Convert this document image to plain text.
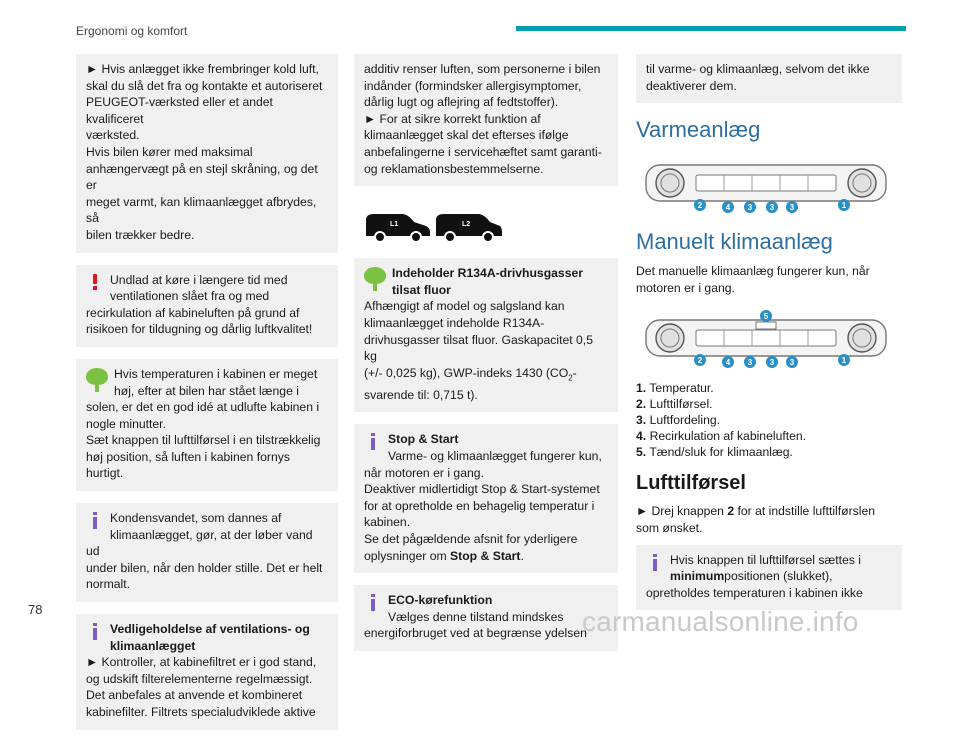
Ergonomi og komfort

► Hvis anlægget ikke frembringer kold luft,

skal du slå det fra og kontakte et autoriseret

PEUGEOT-værksted eller et andet kvalificeret

værksted.

Hvis bilen kører med maksimal

anhængervægt på en stejl skråning, og det er

meget varmt, kan klimaanlægget afbrydes, så

bilen trækker bedre.

Undlad at køre i længere tid med

ventilationen slået fra og med

recirkulation af kabineluften på grund af

risikoen for tildugning og dårlig luftkvalitet!

Hvis temperaturen i kabinen er meget

høj, efter at bilen har stået længe i

solen, er det en god idé at udlufte kabinen i

nogle minutter.

Sæt knappen til lufttilførsel i en tilstrækkelig

høj position, så luften i kabinen fornys hurtigt.

Kondensvandet, som dannes af

klimaanlægget, gør, at der løber vand ud

under bilen, når den holder stille. Det er helt

normalt.

Vedligeholdelse af ventilations- og

klimaanlægget

► Kontroller, at kabinefiltret er i god stand,

og udskift filterelementerne regelmæssigt.

Det anbefales at anvende et kombineret

kabinefilter. Filtrets specialudviklede aktive

additiv renser luften, som personerne i bilen

indånder (formindsker allergisymptomer,

dårlig lugt og aflejring af fedtstoffer).

► For at sikre korrekt funktion af

klimaanlægget skal det efterses ifølge

anbefalingerne i servicehæftet samt garanti-

og reklamationsbestemmelserne.

L1	L2

Indeholder R134A-drivhusgasser

tilsat fluor

Afhængigt af model og salgsland kan

klimaanlægget indeholde R134A-

drivhusgasser tilsat fluor. Gaskapacitet 0,5 kg

(+/- 0,025 kg), GWP-indeks 1430 ($CO_2-$

svarende til: 0,715 t).

Stop & Start

Varme- og klimaanlægget fungerer kun,

når motoren er i gang.

Deaktiver midlertidigt Stop & Start-systemet

for at opretholde en behagelig temperatur i

kabinen.

Se det pågældende afsnit for yderligere

oplysninger om Stop & Start.

ECO-kørefunktion

Vælges denne tilstand mindskes

energiforbruget ved at begrænse ydelsen

til varme- og klimaanlæg, selvom det ikke

deaktiverer dem.

Varmeanlæg
2	4 3 3 3	1
Manuelt klimaanlæg
Det manuelle klimaanlæg fungerer kun, når
motoren er i gang.
5
2	4 3 3 3	1
1. Temperatur.
2. Lufttilførsel.
3. Luftfordeling.
4. Recirkulation af kabineluften.
5. Tænd/sluk for klimaanlæg.
Lufttilførsel
► Drej knappen 2 for at indstille lufttilførslen
som ønsket.

Hvis knappen til lufttilførsel sættes i

minimumpositionen (slukket),

opretholdes temperaturen i kabinen ikke

78	carmanualsonline.info
